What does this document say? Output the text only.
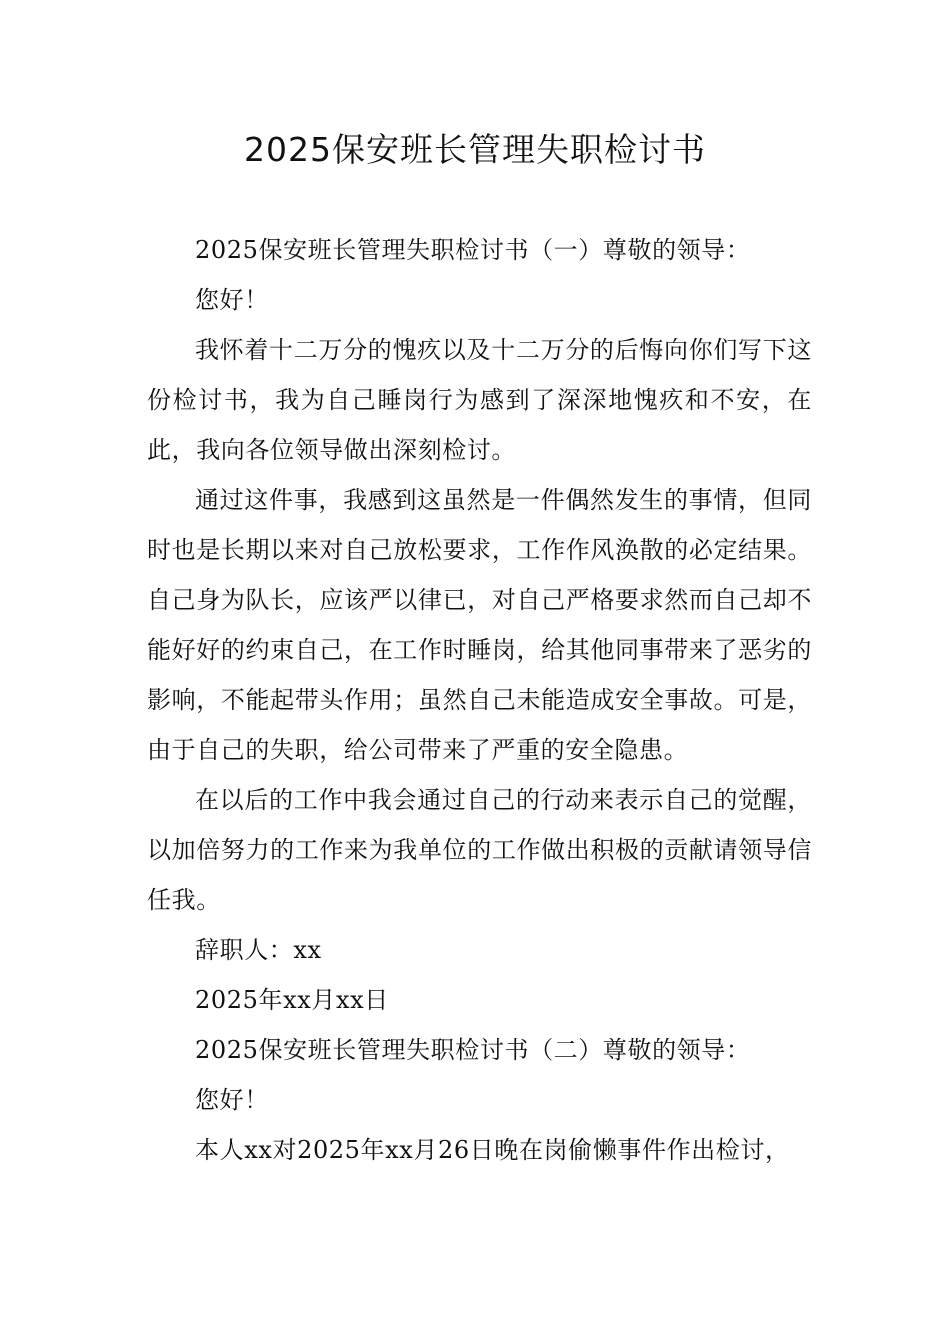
2025保安班长管理失职检讨书

2025保安班长管理失职检讨书（一）尊敬的领导：

您好！

我怀着十二万分的愧疚以及十二万分的后悔向你们写下这份检讨书，我为自己睡岗行为感到了深深地愧疚和不安，在此，我向各位领导做出深刻检讨。

通过这件事，我感到这虽然是一件偶然发生的事情，但同时也是长期以来对自己放松要求，工作作风涣散的必定结果。自己身为队长，应该严以律已，对自己严格要求然而自己却不能好好的约束自己，在工作时睡岗，给其他同事带来了恶劣的影响，不能起带头作用；虽然自己未能造成安全事故。可是，由于自己的失职，给公司带来了严重的安全隐患。

在以后的工作中我会通过自己的行动来表示自己的觉醒，以加倍努力的工作来为我单位的工作做出积极的贡献请领导信任我。

辞职人：xx

2025年xx月xx日

2025保安班长管理失职检讨书（二）尊敬的领导：

您好！

本人xx对2025年xx月26日晚在岗偷懒事件作出检讨，
